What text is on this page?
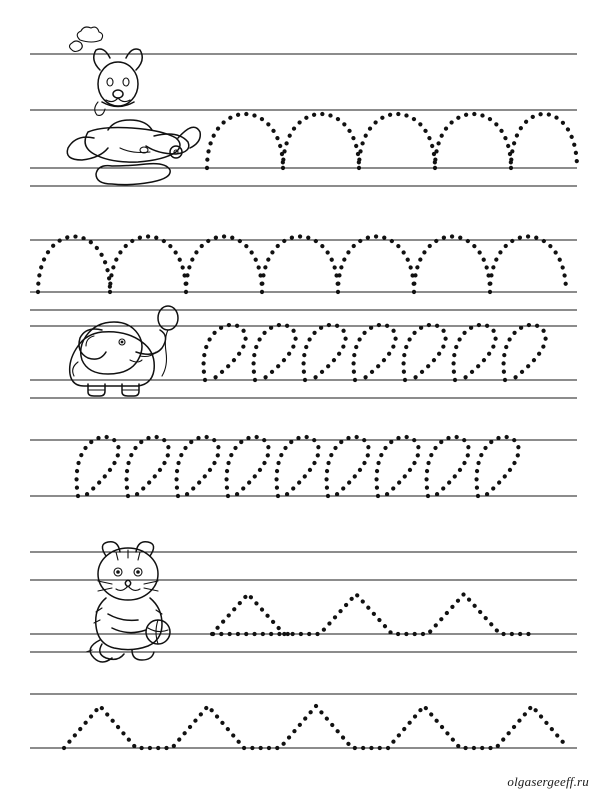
olgasergeeff.ru
